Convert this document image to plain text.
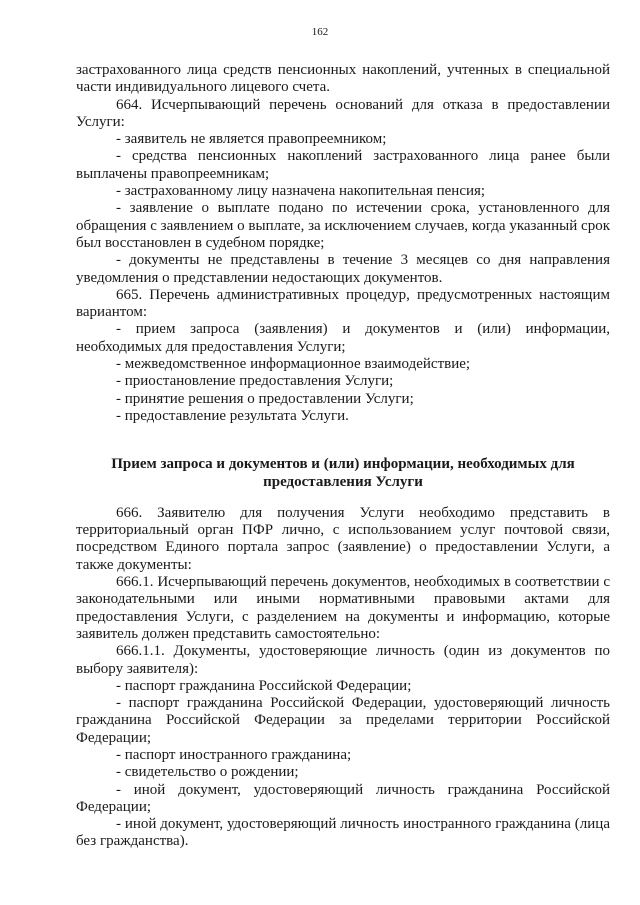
162

застрахованного лица средств пенсионных накоплений, учтенных в специальной части индивидуального лицевого счета.

664. Исчерпывающий перечень оснований для отказа в предоставлении Услуги:

- заявитель не является правопреемником;

- средства пенсионных накоплений застрахованного лица ранее были выплачены правопреемникам;

- застрахованному лицу назначена накопительная пенсия;

- заявление о выплате подано по истечении срока, установленного для обращения с заявлением о выплате, за исключением случаев, когда указанный срок был восстановлен в судебном порядке;

- документы не представлены в течение 3 месяцев со дня направления уведомления о представлении недостающих документов.

665. Перечень административных процедур, предусмотренных настоящим вариантом:

- прием запроса (заявления) и документов и (или) информации, необходимых для предоставления Услуги;

- межведомственное информационное взаимодействие;

- приостановление предоставления Услуги;

- принятие решения о предоставлении Услуги;

- предоставление результата Услуги.

Прием запроса и документов и (или) информации, необходимых для
предоставления Услуги

666. Заявителю для получения Услуги необходимо представить в территориальный орган ПФР лично, с использованием услуг почтовой связи, посредством Единого портала запрос (заявление) о предоставлении Услуги, а также документы:

666.1. Исчерпывающий перечень документов, необходимых в соответствии с законодательными или иными нормативными правовыми актами для предоставления Услуги, с разделением на документы и информацию, которые заявитель должен представить самостоятельно:

666.1.1. Документы, удостоверяющие личность (один из документов по выбору заявителя):

- паспорт гражданина Российской Федерации;

- паспорт гражданина Российской Федерации, удостоверяющий личность гражданина Российской Федерации за пределами территории Российской Федерации;

- паспорт иностранного гражданина;

- свидетельство о рождении;

- иной документ, удостоверяющий личность гражданина Российской Федерации;

- иной документ, удостоверяющий личность иностранного гражданина (лица без гражданства).
